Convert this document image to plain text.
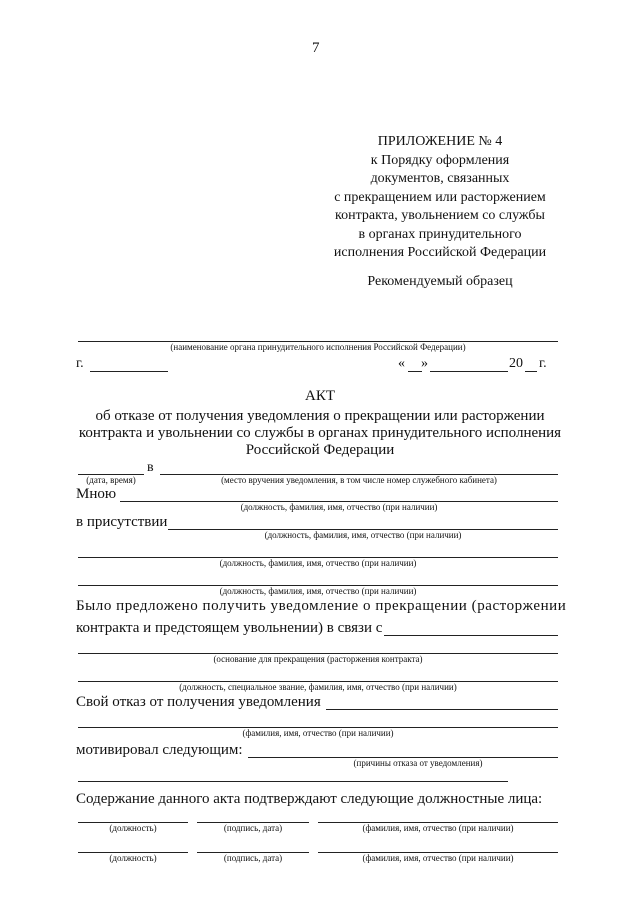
7
ПРИЛОЖЕНИЕ № 4
к Порядку оформления
документов, связанных
с прекращением или расторжением
контракта, увольнением со службы
в органах принудительного
исполнения Российской Федерации
Рекомендуемый образец
(наименование органа принудительного исполнения Российской Федерации)
г.	« »	20 г.
АКТ
об отказе от получения уведомления о прекращении или расторжении
контракта и увольнении со службы в органах принудительного исполнения
Российской Федерации
в
(дата, время)	(место вручения уведомления, в том числе номер служебного кабинета)
Мною
(должность, фамилия, имя, отчество (при наличии)
в присутствии
(должность, фамилия, имя, отчество (при наличии)
(должность, фамилия, имя, отчество (при наличии)
(должность, фамилия, имя, отчество (при наличии)
Было предложено получить уведомление о прекращении (расторжении
контракта и предстоящем увольнении) в связи с
(основание для прекращения (расторжения контракта)
(должность, специальное звание, фамилия, имя, отчество (при наличии)
Свой отказ от получения уведомления
(фамилия, имя, отчество (при наличии)
мотивировал следующим:
(причины отказа от уведомления)
Содержание данного акта подтверждают следующие должностные лица:
(должность)	(подпись, дата)	(фамилия, имя, отчество (при наличии)
(должность)	(подпись, дата)	(фамилия, имя, отчество (при наличии)
